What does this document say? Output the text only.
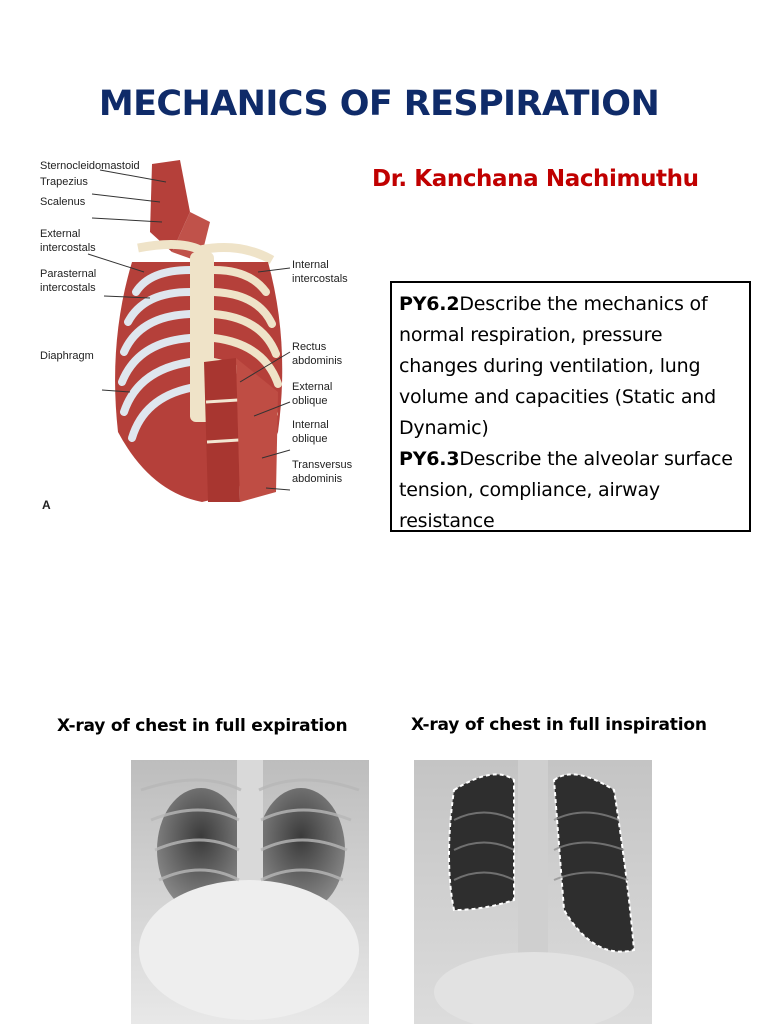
MECHANICS OF RESPIRATION
Dr. Kanchana Nachimuthu
Sternocleidomastoid
Trapezius
Scalenus
External
intercostals
Parasternal
intercostals
Diaphragm
Internal
intercostals
Rectus
abdominis
External
oblique
Internal
oblique
Transversus
abdominis
A
PY6.2Describe the mechanics of normal respiration, pressure changes during ventilation, lung volume and capacities (Static and Dynamic)
PY6.3Describe the alveolar surface tension, compliance, airway resistance
X-ray of chest in full expiration	X-ray of chest in full inspiration
